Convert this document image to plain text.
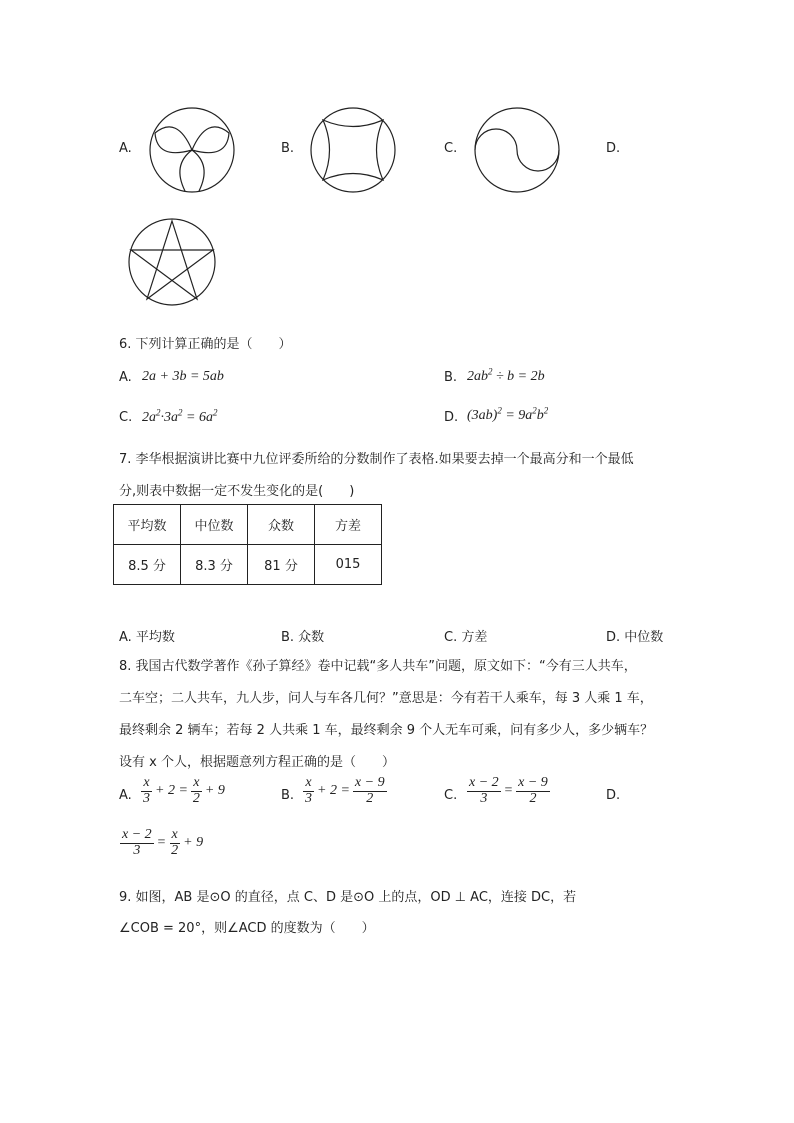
A.	B.	C.	D.
6. 下列计算正确的是（　　）
A. 2a + 3b = 5ab	B. $2ab^2 \div b = 2b$
C. $2a^2\cdot 3a^2 = 6a^2$	D. $(3ab)^2 = 9a^2b^2$
7. 李华根据演讲比赛中九位评委所给的分数制作了表格.如果要去掉一个最高分和一个最低
分,则表中数据一定不发生变化的是(　　)
平均数	中位数	众数	方差
8.5 分	8.3 分	81 分	015
A. 平均数	B. 众数	C. 方差	D. 中位数
8. 我国古代数学著作《孙子算经》卷中记载“多人共车”问题，原文如下：“今有三人共车，
二车空；二人共车，九人步，问人与车各几何？”意思是：今有若干人乘车，每 3 人乘 1 车，
最终剩余 2 辆车；若每 2 人共乘 1 车，最终剩余 9 个人无车可乘，问有多少人，多少辆车？
设有 x 个人，根据题意列方程正确的是（　　）
A. $\frac{x}{3} + 2 = \frac{x}{2} + 9$	B. $\frac{x}{3} + 2 = \frac{x - 9}{2}$	C. $\frac{x - 2}{3} = \frac{x - 9}{2}$	D.
$\frac{x - 2}{3} = \frac{x}{2} + 9$
9. 如图，AB 是⊙O 的直径，点 C、D 是⊙O 上的点，OD ⊥ AC，连接 DC，若
∠COB = 20°，则∠ACD 的度数为（　　）
